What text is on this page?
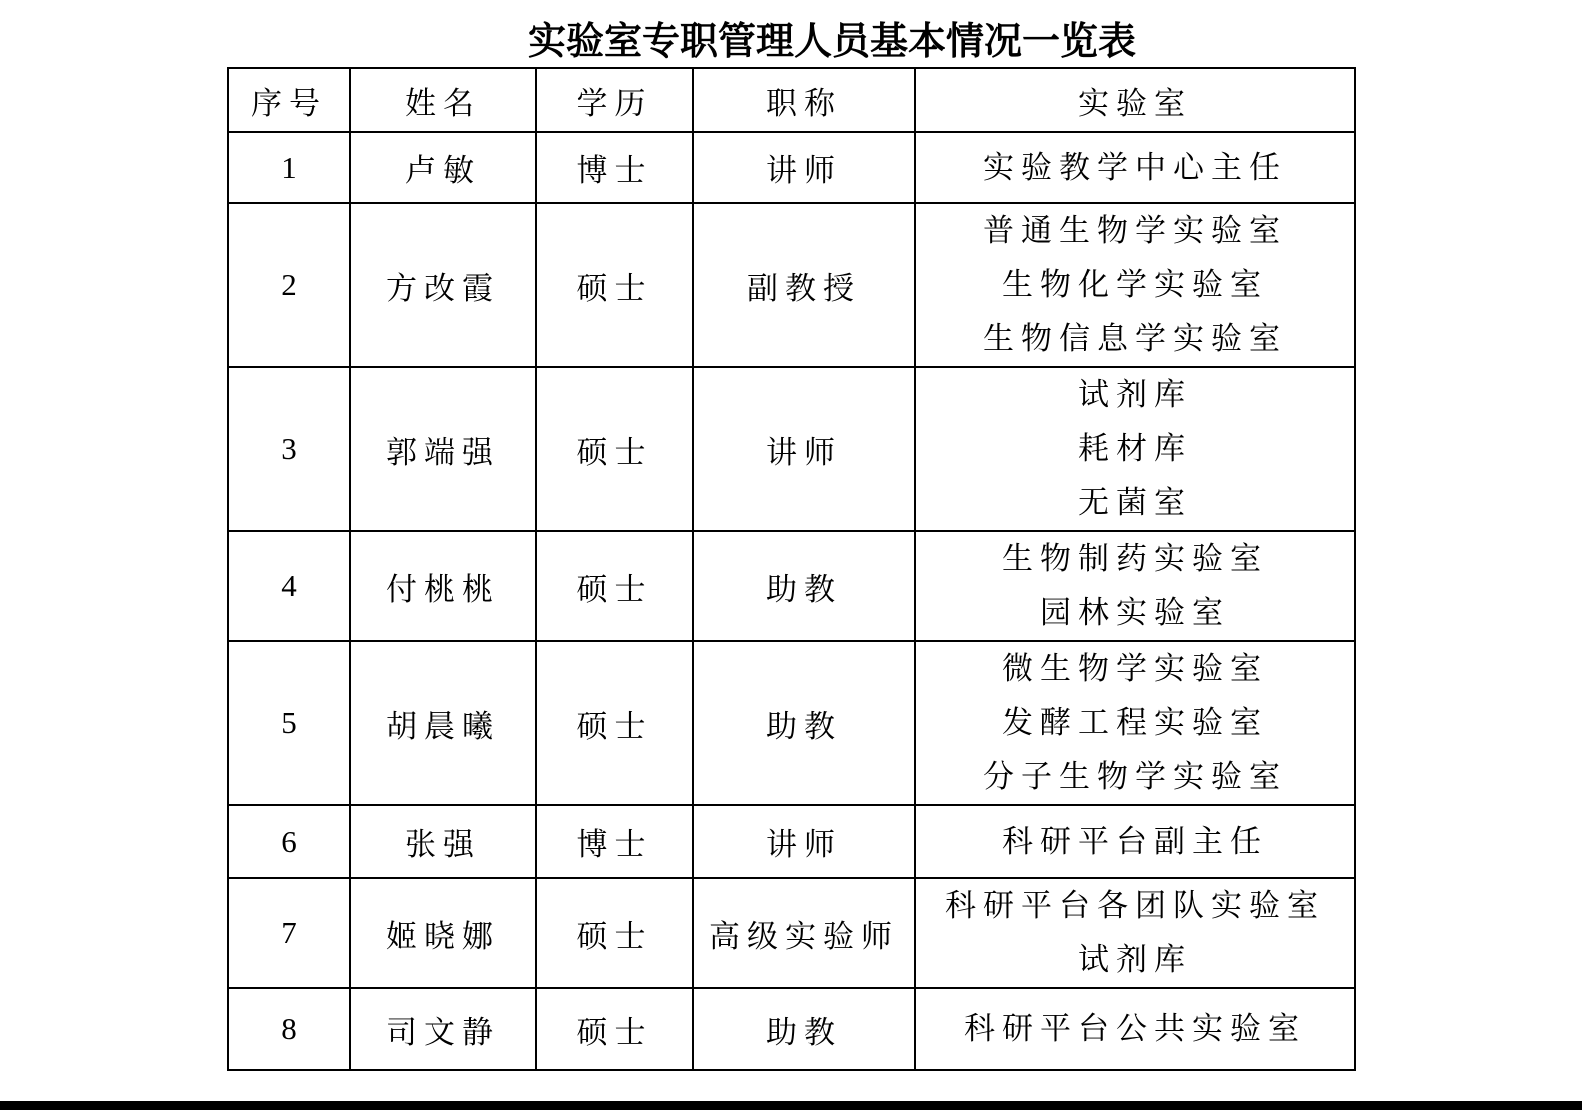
实验室专职管理人员基本情况一览表
序号	姓名	学历	职称	实验室
1	卢敏	博士	讲师	实验教学中心主任

2	方改霞	硕士	副教授	普通生物学实验室
生物化学实验室
生物信息学实验室

3	郭端强	硕士	讲师	试剂库
耗材库
无菌室

4	付桃桃	硕士	助教	生物制药实验室
园林实验室

5	胡晨曦	硕士	助教	微生物学实验室
发酵工程实验室
分子生物学实验室

6	张强	博士	讲师	科研平台副主任

7	姬晓娜	硕士	高级实验师	科研平台各团队实验室
试剂库

8	司文静	硕士	助教	科研平台公共实验室
